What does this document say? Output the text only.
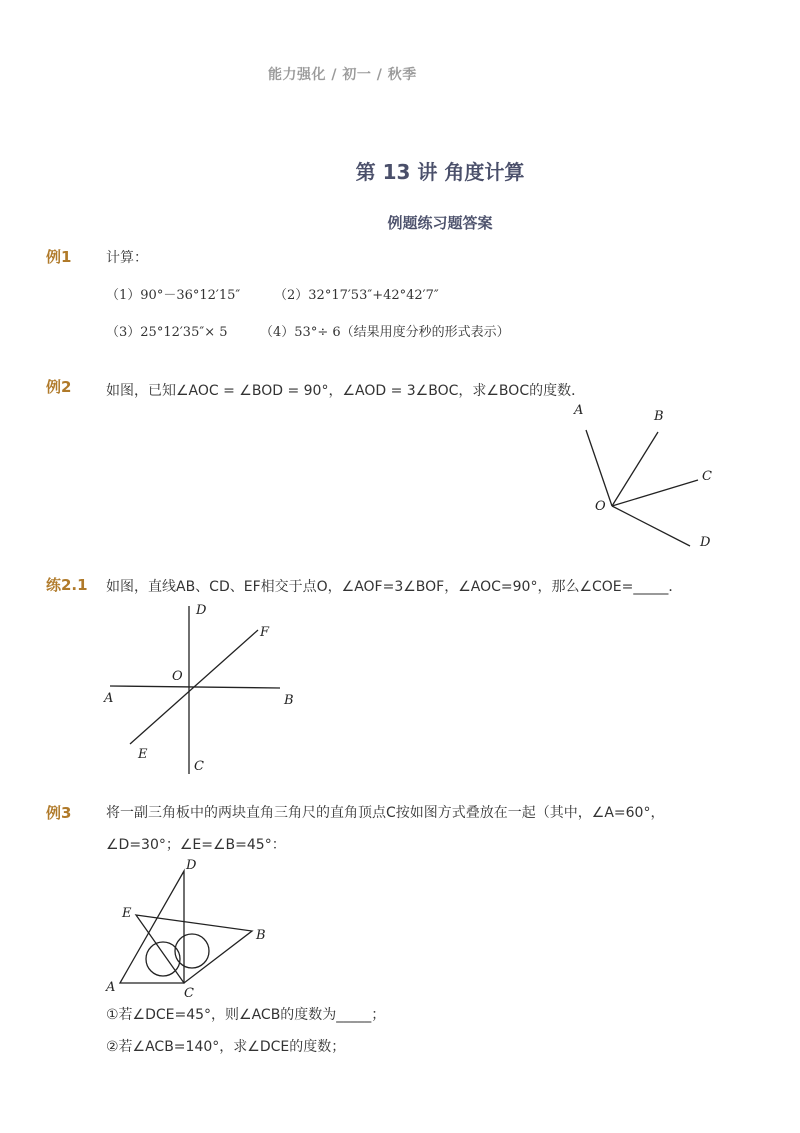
能力强化 / 初一 / 秋季
第 13 讲 角度计算
例题练习题答案
例1 计算：
（1）90°－36°12′15″	（2）32°17′53″+42°42′7″
（3）25°12′35″× 5 （4）53°÷ 6（结果用度分秒的形式表示）
例2 如图，已知∠AOC = ∠BOD = 90°，∠AOD = 3∠BOC，求∠BOC的度数．
A	B
C
D
O
练2.1 如图，直线AB、CD、EF相交于点O，∠AOF=3∠BOF，∠AOC=90°，那么∠COE=_____．
D
F
O
A	B
E
C
例3 将一副三角板中的两块直角三角尺的直角顶点C按如图方式叠放在一起（其中，∠A=60°，
∠D=30°；∠E=∠B=45°：
D
E
B
A	C
①若∠DCE=45°，则∠ACB的度数为_____；
②若∠ACB=140°，求∠DCE的度数；
